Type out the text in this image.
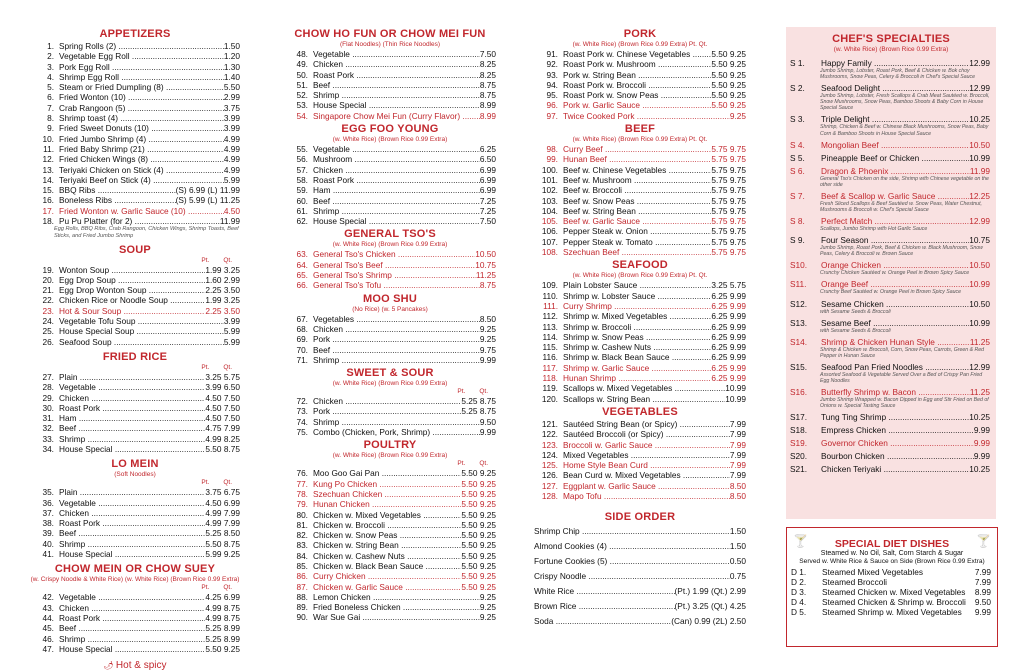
APPETIZERS
1. Spring Rolls (2) .....	1.50
2. Vegetable Egg Roll .....	1.20
3. Pork Egg Roll .....	1.30
4. Shrimp Egg Roll .....	1.40
5. Steam or Fried Dumpling (8) .....	5.50
6. Fried Wonton (10) .....	2.99
7. Crab Rangoon (5) .....	3.75
8. Shrimp toast (4) .....	3.99
9. Fried Sweet Donuts (10) .....	3.99
10. Fried Jumbo Shrimp (4) .....	4.99
11. Fried Baby Shrimp (21) .....	4.99
12. Fried Chicken Wings (8) .....	4.99
13. Teriyaki Chicken on Stick (4) .....	4.99
14. Teriyaki Beef on Stick (4) .....	5.99
15. BBQ Ribs .....	(S) 6.99 (L) 11.99
16. Boneless Ribs .....	(S) 5.99 (L) 11.25
17. Fried Wonton w. Garlic Sauce (10) .....	4.50
18. Pu Pu Platter (for 2) .....	11.99
Egg Rolls, BBQ Ribs, Crab Rangoon, Chicken Wings, Shrimp Toasts, Beef Sticks, and Fried Jumbo Shrimp
SOUP
Pt. Qt.
19. Wonton Soup .....	1.99 3.25
20. Egg Drop Soup .....	1.60 2.99
21. Egg Drop Wonton Soup .....	2.25 3.50
22. Chicken Rice or Noodle Soup .....	1.99 3.25
23. Hot & Sour Soup .....	2.25 3.50
24. Vegetable Tofu Soup .....	3.99
25. House Special Soup .....	5.99
26. Seafood Soup .....	5.99
FRIED RICE
Pt. Qt.
27. Plain .....	3.25 5.75
28. Vegetable .....	3.99 6.50
29. Chicken .....	4.50 7.50
30. Roast Pork .....	4.50 7.50
31. Ham .....	4.50 7.50
32. Beef .....	4.75 7.99
33. Shrimp .....	4.99 8.25
34. House Special .....	5.50 8.75
LO MEIN
(Soft Noodles)
Pt. Qt.
35. Plain .....	3.75 6.75
36. Vegetable .....	4.50 6.99
37. Chicken .....	4.99 7.99
38. Roast Pork .....	4.99 7.99
39. Beef .....	5.25 8.50
40. Shrimp .....	5.50 8.75
41. House Special .....	5.99 9.25
CHOW MEIN OR CHOW SUEY
(w. Crispy Noodle & White Rice) (w. White Rice) (Brown Rice 0.99 Extra)
Pt. Qt.
42. Vegetable .....	4.25 6.99
43. Chicken .....	4.99 8.75
44. Roast Pork .....	4.99 8.75
45. Beef .....	5.25 8.99
46. Shrimp .....	5.25 8.99
47. House Special .....	5.50 9.25
🌶 Hot & spicy
CHOW HO FUN OR CHOW MEI FUN
(Flat Noodles) (Thin Rice Noodles)
48. Vegetable .....	7.50
49. Chicken .....	8.25
50. Roast Pork .....	8.25
51. Beef .....	8.75
52. Shrimp .....	8.75
53. House Special .....	8.99
54. Singapore Chow Mei Fun (Curry Flavor) .....	8.99
EGG FOO YOUNG
(w. White Rice) (Brown Rice 0.99 Extra)
55. Vegetable .....	6.25
56. Mushroom .....	6.50
57. Chicken .....	6.99
58. Roast Pork .....	6.99
59. Ham .....	6.99
60. Beef .....	7.25
61. Shrimp .....	7.25
62. House Special .....	7.50
GENERAL TSO'S
(w. White Rice) (Brown Rice 0.99 Extra)
63. General Tso's Chicken .....	10.50
64. General Tso's Beef .....	10.75
65. General Tso's Shrimp .....	11.25
66. General Tso's Tofu .....	8.75
MOO SHU
(No Rice) (w. 5 Pancakes)
67. Vegetables .....	8.50
68. Chicken .....	9.25
69. Pork .....	9.25
70. Beef .....	9.75
71. Shrimp .....	9.99
SWEET & SOUR
(w. White Rice) (Brown Rice 0.99 Extra)
Pt. Qt.
72. Chicken .....	5.25 8.75
73. Pork .....	5.25 8.75
74. Shrimp .....	9.50
75. Combo (Chicken, Pork, Shrimp) .....	9.99
POULTRY
(w. White Rice) (Brown Rice 0.99 Extra)
Pt. Qt.
76. Moo Goo Gai Pan .....	5.50 9.25
77. Kung Po Chicken .....	5.50 9.25
78. Szechuan Chicken .....	5.50 9.25
79. Hunan Chicken .....	5.50 9.25
80. Chicken w. Mixed Vegetables .....	5.50 9.25
81. Chicken w. Broccoli .....	5.50 9.25
82. Chicken w. Snow Peas .....	5.50 9.25
83. Chicken w. String Bean .....	5.50 9.25
84. Chicken w. Cashew Nuts .....	5.50 9.25
85. Chicken w. Black Bean Sauce .....	5.50 9.25
86. Curry Chicken .....	5.50 9.25
87. Chicken w. Garlic Sauce .....	5.50 9.25
88. Lemon Chicken .....	9.25
89. Fried Boneless Chicken .....	9.25
90. War Sue Gai .....	9.25
PORK
(w. White Rice) (Brown Rice 0.99 Extra) Pt. Qt.
91. Roast Pork w. Chinese Vegetables .....	5.50 9.25
92. Roast Pork w. Mushroom .....	5.50 9.25
93. Pork w. String Bean .....	5.50 9.25
94. Roast Pork w. Broccoli .....	5.50 9.25
95. Roast Pork w. Snow Peas .....	5.50 9.25
96. Pork w. Garlic Sauce .....	5.50 9.25
97. Twice Cooked Pork .....	9.25
BEEF
(w. White Rice) (Brown Rice 0.99 Extra) Pt. Qt.
98. Curry Beef .....	5.75 9.75
99. Hunan Beef .....	5.75 9.75
100. Beef w. Chinese Vegetables .....	5.75 9.75
101. Beef w. Mushroom .....	5.75 9.75
102. Beef w. Broccoli .....	5.75 9.75
103. Beef w. Snow Peas .....	5.75 9.75
104. Beef w. String Bean .....	5.75 9.75
105. Beef w. Garlic Sauce .....	5.75 9.75
106. Pepper Steak w. Onion .....	5.75 9.75
107. Pepper Steak w. Tomato .....	5.75 9.75
108. Szechuan Beef .....	5.75 9.75
SEAFOOD
(w. White Rice) (Brown Rice 0.99 Extra) Pt. Qt.
109. Plain Lobster Sauce .....	3.25 5.75
110. Shrimp w. Lobster Sauce .....	6.25 9.99
111. Curry Shrimp .....	6.25 9.99
112. Shrimp w. Mixed Vegetables .....	6.25 9.99
113. Shrimp w. Broccoli .....	6.25 9.99
114. Shrimp w. Snow Peas .....	6.25 9.99
115. Shrimp w. Cashew Nuts .....	6.25 9.99
116. Shrimp w. Black Bean Sauce .....	6.25 9.99
117. Shrimp w. Garlic Sauce .....	6.25 9.99
118. Hunan Shrimp .....	6.25 9.99
119. Scallops w. Mixed Vegetables .....	10.99
120. Scallops w. String Bean .....	10.99
VEGETABLES
121. Sautéed String Bean (or Spicy) .....	7.99
122. Sautéed Broccoli (or Spicy) .....	7.99
123. Broccoli w. Garlic Sauce .....	7.99
124. Mixed Vegetables .....	7.99
125. Home Style Bean Curd .....	7.99
126. Bean Curd w. Mixed Vegetables .....	7.99
127. Eggplant w. Garlic Sauce .....	8.50
128. Mapo Tofu .....	8.50
SIDE ORDER
Shrimp Chip .....	1.50
Almond Cookies (4) .....	1.50
Fortune Cookies (5) .....	0.50
Crispy Noodle .....	0.75
White Rice .....	(Pt.) 1.99 (Qt.) 2.99
Brown Rice .....	(Pt.) 3.25 (Qt.) 4.25
Soda .....	(Can) 0.99 (2L) 2.50
CHEF'S SPECIALTIES
(w. White Rice) (Brown Rice 0.99 Extra)
S 1.	Happy Family .....	12.99
Jumbo Shrimp, Lobster, Roast Pork, Beef & Chicken w. Bok choy Mushrooms, Snow Peas, Celery & Broccoli in Chef's Special Sauce
S 2.	Seafood Delight .....	12.99
Jumbo Shrimp, Lobster, Fresh Scallops & Crab Meat Sautéed w. Broccoli, Snow Mushrooms, Snow Peas, Bamboo Shoots & Baby Corn in House Special Sauce
S 3.	Triple Delight .....	10.25
Shrimp, Chicken & Beef w. Chinese Black Mushrooms, Snow Peas, Baby Corn & Bamboo Shoots in House Special Sauce
S 4.	Mongolian Beef .....	10.50
S 5.	Pineapple Beef or Chicken .....	10.99
S 6.	Dragon & Phoenix .....	11.99
General Tso's Chicken on the side, Shrimp with Chinese vegetable on the other side
S 7.	Beef & Scallop w. Garlic Sauce .....	12.25
Fresh Sliced Scallops & Beef Sautéed w. Snow Peas, Water Chestnut, Mushrooms & Broccoli w. Chef's Special Sauce
S 8.	Perfect Match .....	12.99
Scallops, Jumbo Shrimp with Hot Garlic Sauce
S 9.	Four Season .....	10.75
Jumbo Shrimp, Roast Pork, Beef & Chicken w. Black Mushroom, Snow Peas, Celery & Broccoli w. Brown Sauce
S10.	Orange Chicken .....	10.50
Crunchy Chicken Sautéed w. Orange Peel in Brown Spicy Sauce
S11.	Orange Beef .....	10.99
Crunchy Beef Sautéed w. Orange Peel in Brown Spicy Sauce
S12.	Sesame Chicken .....	10.50
with Sesame Seeds & Broccoli
S13.	Sesame Beef .....	10.99
with Sesame Seeds & Broccoli
S14.	Shrimp & Chicken Hunan Style .....	11.25
Shrimp & Chicken w. Broccoli, Corn, Snow Peas, Carrots, Green & Red Pepper in Hunan Sauce
S15.	Seafood Pan Fried Noodles .....	12.99
Assorted Seafood & Vegetable Served Over a Bed of Crispy Pan Fried Egg Noodles
S16.	Butterfly Shrimp w. Bacon .....	11.25
Jumbo Shrimp Wrapped w. Bacon Dipped in Egg and Stir Fried on Bed of Onions w. Special Tasting Sauce
S17.	Tung Ting Shrimp .....	10.25
S18.	Empress Chicken .....	9.99
S19.	Governor Chicken .....	9.99
S20.	Bourbon Chicken .....	9.99
S21.	Chicken Teriyaki .....	10.25
🍸	🍸
SPECIAL DIET DISHES
Steamed w. No Oil, Salt, Corn Starch & Sugar
Served w. White Rice & Sauce on Side (Brown Rice 0.99 Extra)
D 1.	Steamed Mixed Vegetables	7.99
D 2.	Steamed Broccoli	7.99
D 3.	Steamed Chicken w. Mixed Vegetables	8.99
D 4.	Steamed Chicken & Shrimp w. Broccoli	9.50
D 5.	Steamed Shrimp w. Mixed Vegetables	9.99
